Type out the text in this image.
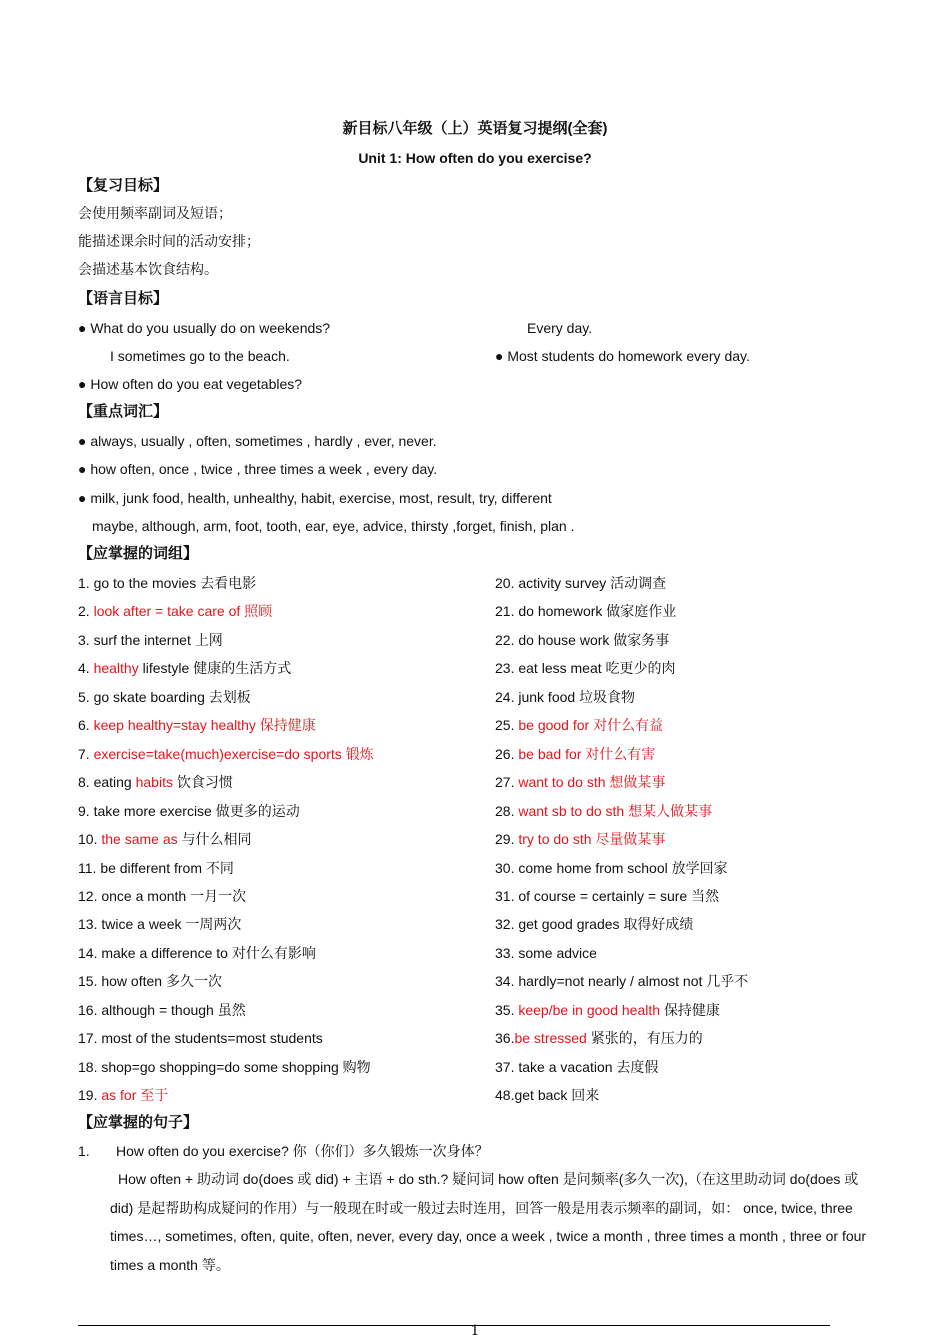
新目标八年级（上）英语复习提纲(全套)
Unit 1: How often do you exercise?
【复习目标】
会使用频率副词及短语；
能描述课余时间的活动安排；
会描述基本饮食结构。
【语言目标】
● What do you usually do on weekends?	Every day.
I sometimes go to the beach.	● Most students do homework every day.
● How often do you eat vegetables?
【重点词汇】
● always, usually , often, sometimes , hardly , ever, never.
● how often, once , twice , three times a week , every day.
● milk, junk food, health, unhealthy, habit, exercise, most, result, try, different
maybe, although, arm, foot, tooth, ear, eye, advice, thirsty ,forget, finish, plan .
【应掌握的词组】
1. go to the movies 去看电影
2. look after = take care of 照顾
3. surf the internet 上网
4. healthy lifestyle 健康的生活方式
5. go skate boarding 去划板
6. keep healthy=stay healthy 保持健康
7. exercise=take(much)exercise=do sports 锻炼
8. eating habits 饮食习惯
9. take more exercise 做更多的运动
10. the same as 与什么相同
11. be different from 不同
12. once a month 一月一次
13. twice a week 一周两次
14. make a difference to 对什么有影响
15. how often 多久一次
16. although = though 虽然
17. most of the students=most students
18. shop=go shopping=do some shopping 购物
19. as for 至于
20. activity survey 活动调查
21. do homework 做家庭作业
22. do house work 做家务事
23. eat less meat 吃更少的肉
24. junk food 垃圾食物
25. be good for 对什么有益
26. be bad for 对什么有害
27. want to do sth 想做某事
28. want sb to do sth 想某人做某事
29. try to do sth 尽量做某事
30. come home from school 放学回家
31. of course = certainly = sure 当然
32. get good grades 取得好成绩
33. some advice
34. hardly=not nearly / almost not 几乎不
35. keep/be in good health 保持健康
36.be stressed 紧张的，有压力的
37. take a vacation 去度假
48.get back 回来
【应掌握的句子】
1. How often do you exercise? 你（你们）多久锻炼一次身体？
How often + 助动词 do(does 或 did) + 主语 + do sth.? 疑问词 how often 是问频率(多久一次),（在这里助动词 do(does 或 did) 是起帮助构成疑问的作用）与一般现在时或一般过去时连用，回答一般是用表示频率的副词，如： once, twice, three times…, sometimes, often, quite, often, never, every day, once a week , twice a month , three times a month , three or four times a month 等。
1
